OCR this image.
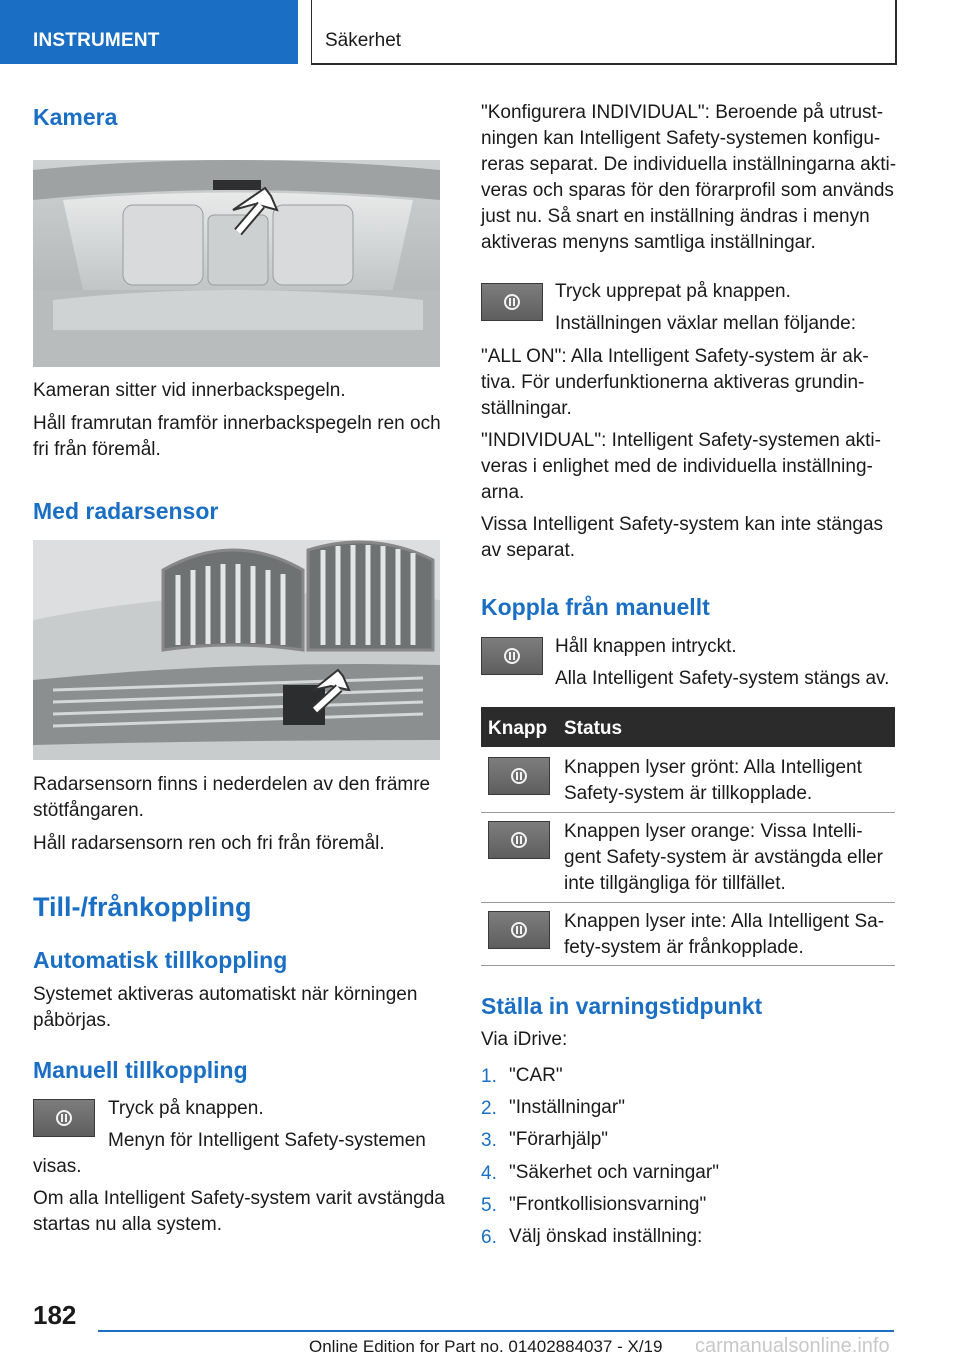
INSTRUMENT	Säkerhet
Kamera
Kameran sitter vid innerbackspegeln.
Håll framrutan framför innerbackspegeln ren och
fri från föremål.
Med radarsensor
Radarsensorn finns i nederdelen av den främre
stötfångaren.
Håll radarsensorn ren och fri från föremål.
Till-/frånkoppling
Automatisk tillkoppling
Systemet aktiveras automatiskt när körningen
påbörjas.
Manuell tillkoppling
Tryck på knappen.
Menyn för Intelligent Safety-systemen
visas.
Om alla Intelligent Safety-system varit avstängda
startas nu alla system.
"Konfigurera INDIVIDUAL": Beroende på utrust-
ningen kan Intelligent Safety-systemen konfigu-
reras separat. De individuella inställningarna akti-
veras och sparas för den förarprofil som används
just nu. Så snart en inställning ändras i menyn
aktiveras menyns samtliga inställningar.
Tryck upprepat på knappen.
Inställningen växlar mellan följande:
"ALL ON": Alla Intelligent Safety-system är ak-
tiva. För underfunktionerna aktiveras grundin-
ställningar.
"INDIVIDUAL": Intelligent Safety-systemen akti-
veras i enlighet med de individuella inställning-
arna.
Vissa Intelligent Safety-system kan inte stängas
av separat.
Koppla från manuellt
Håll knappen intryckt.
Alla Intelligent Safety-system stängs av.
Knapp Status
Knappen lyser grönt: Alla Intelligent
Safety-system är tillkopplade.
Knappen lyser orange: Vissa Intelli-
gent Safety-system är avstängda eller
inte tillgängliga för tillfället.
Knappen lyser inte: Alla Intelligent Sa-
fety-system är frånkopplade.
Ställa in varningstidpunkt
Via iDrive:
1. "CAR"
2. "Inställningar"
3. "Förarhjälp"
4. "Säkerhet och varningar"
5. "Frontkollisionsvarning"
6. Välj önskad inställning:
182
Online Edition for Part no. 01402884037 - X/19 carmanualsonline.info
